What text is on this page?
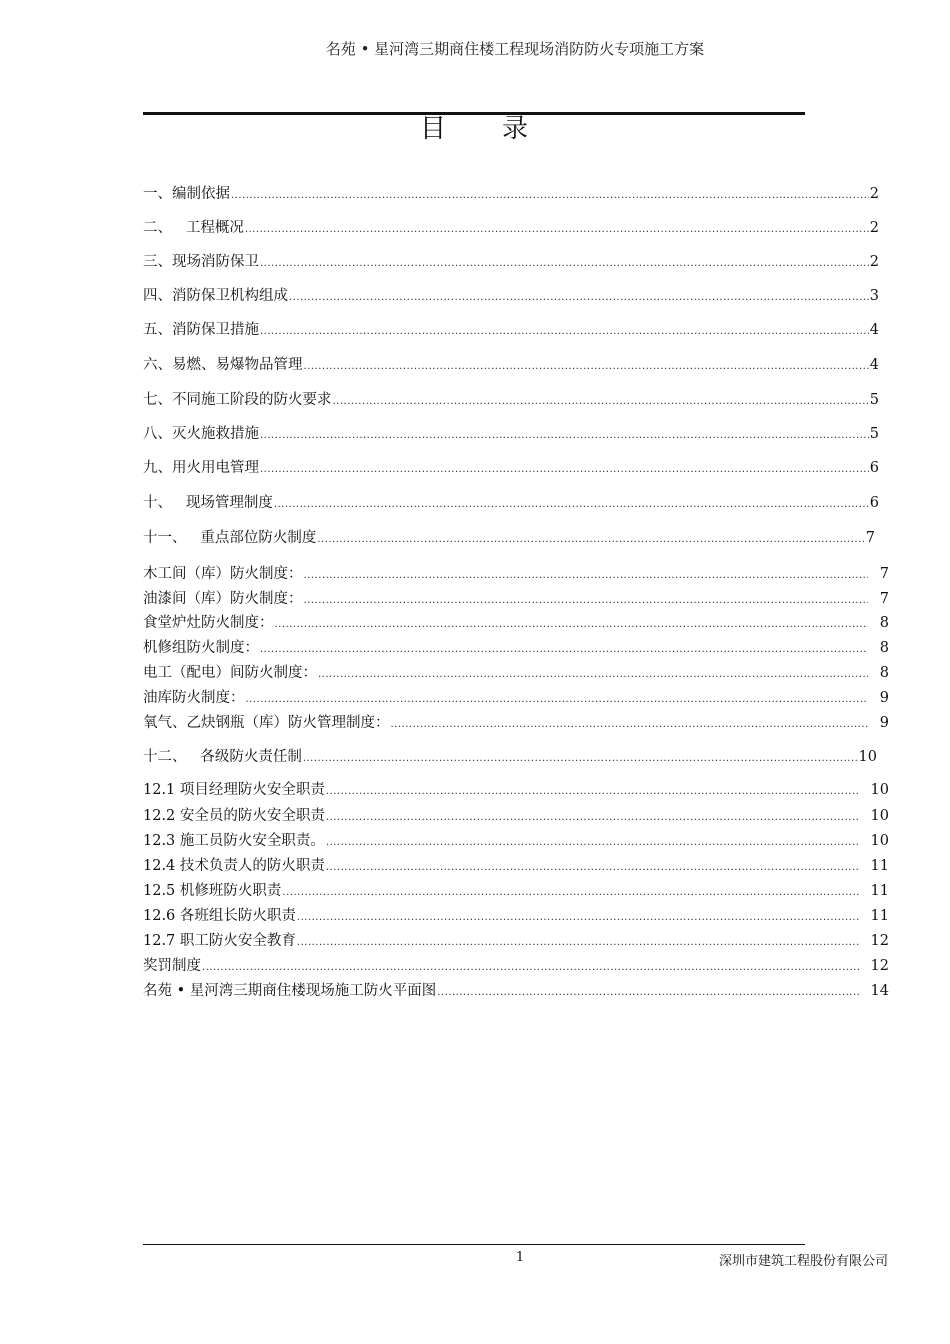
名苑 • 星河湾三期商住楼工程现场消防防火专项施工方案
目录
一、编制依据 .....	2
二、   工程概况 .....	2
三、现场消防保卫 .....	2
四、消防保卫机构组成 .....	3
五、消防保卫措施 .....	4
六、易燃、易爆物品管理 .....	4
七、不同施工阶段的防火要求 .....	5
八、灭火施救措施 .....	5
九、用火用电管理 .....	6
十、   现场管理制度 .....	6
十一、   重点部位防火制度 .....	7
木工间（库）防火制度： .....	7
油漆间（库）防火制度： .....	7
食堂炉灶防火制度： .....	8
机修组防火制度： .....	8
电工（配电）间防火制度： .....	8
油库防火制度： .....	9
氧气、乙炔钢瓶（库）防火管理制度： .....	9
十二、   各级防火责任制 .....	10
12.1 项目经理防火安全职责 .....	10
12.2 安全员的防火安全职责 .....	10
12.3 施工员防火安全职责。 .....	10
12.4 技术负责人的防火职责 .....	11
12.5 机修班防火职责 .....	11
12.6 各班组长防火职责 .....	11
12.7 职工防火安全教育 .....	12
奖罚制度 .....	12
名苑 • 星河湾三期商住楼现场施工防火平面图 .....	14
1	深圳市建筑工程股份有限公司
